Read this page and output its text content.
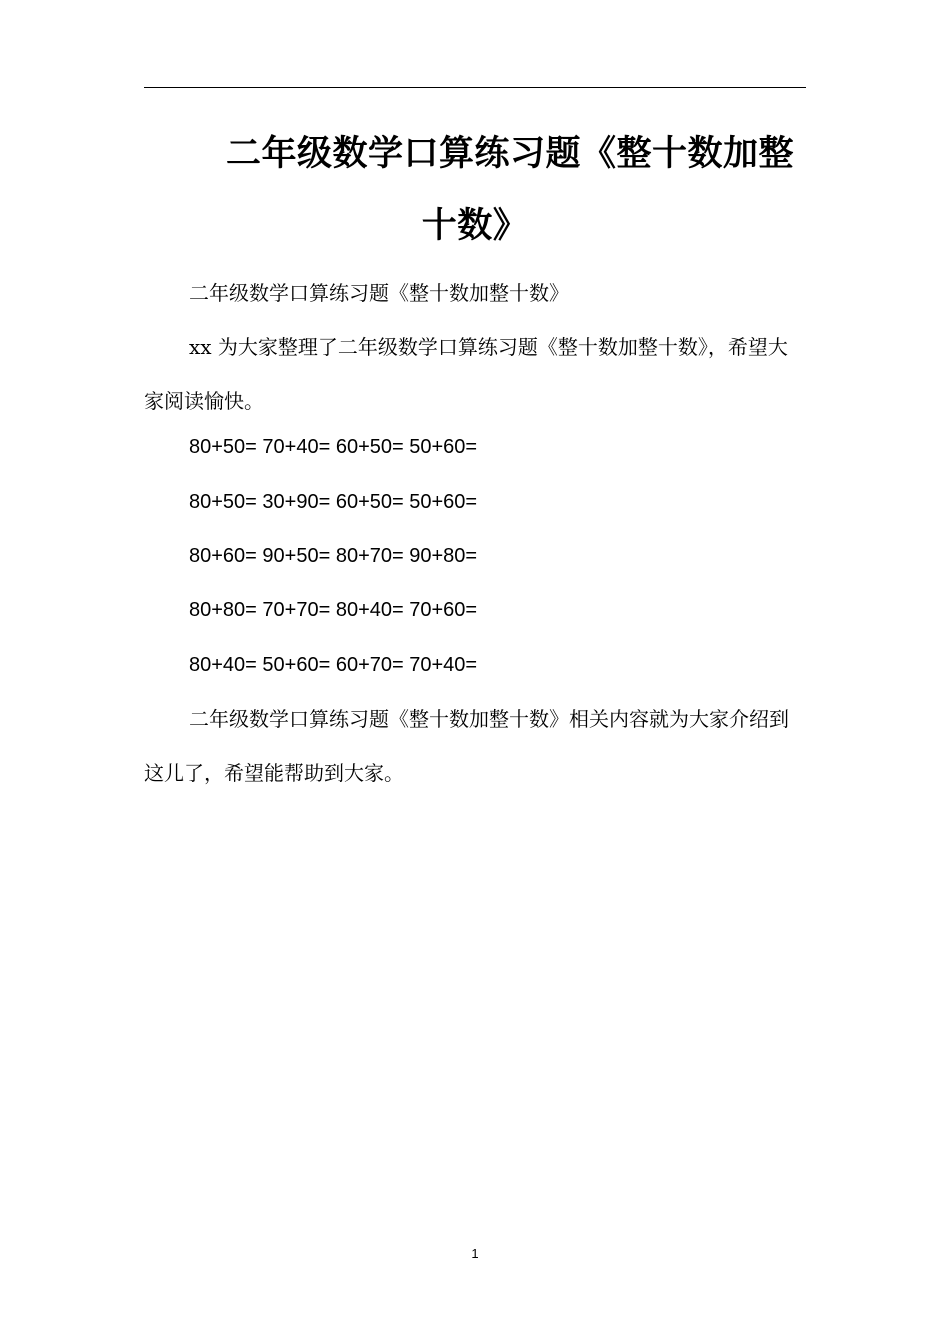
二年级数学口算练习题《整十数加整十数》

二年级数学口算练习题《整十数加整十数》

xx 为大家整理了二年级数学口算练习题《整十数加整十数》，希望大家阅读愉快。

80+50= 70+40= 60+50= 50+60=

80+50= 30+90= 60+50= 50+60=

80+60= 90+50= 80+70= 90+80=

80+80= 70+70= 80+40= 70+60=

80+40= 50+60= 60+70= 70+40=

二年级数学口算练习题《整十数加整十数》相关内容就为大家介绍到这儿了，希望能帮助到大家。

1
